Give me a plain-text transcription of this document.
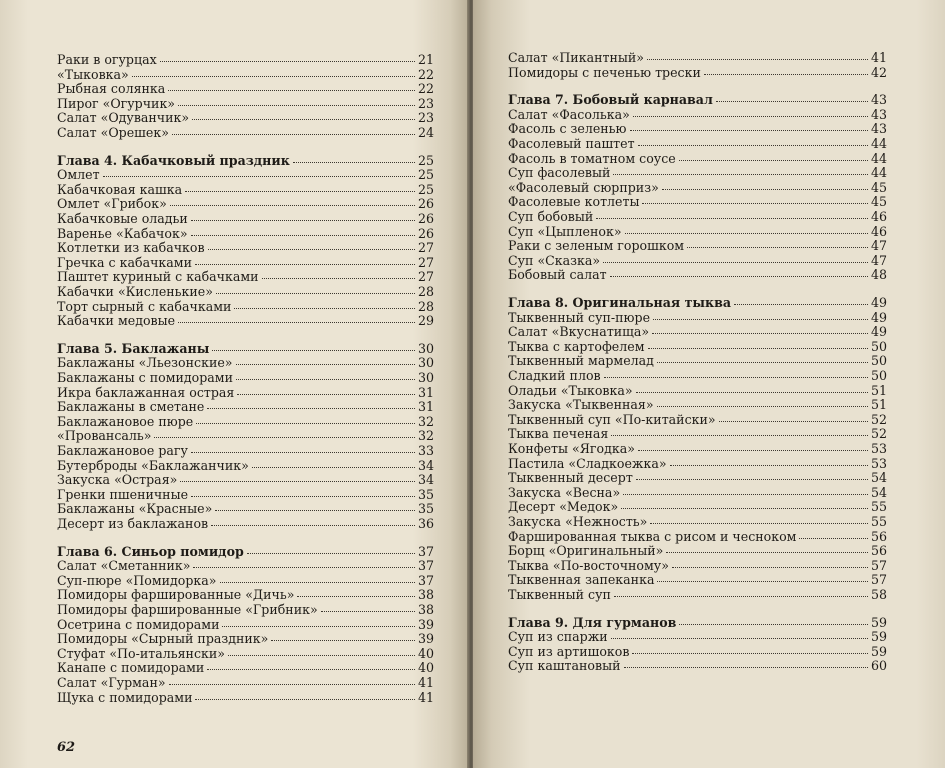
Раки в огурцах	21
«Тыковка»	22
Рыбная солянка	22
Пирог «Огурчик»	23
Салат «Одуванчик»	23
Салат «Орешек»	24
Глава 4. Кабачковый праздник	25
Омлет	25
Кабачковая кашка	25
Омлет «Грибок»	26
Кабачковые оладьи	26
Варенье «Кабачок»	26
Котлетки из кабачков	27
Гречка с кабачками	27
Паштет куриный с кабачками	27
Кабачки «Кисленькие»	28
Торт сырный с кабачками	28
Кабачки медовые	29
Глава 5. Баклажаны	30
Баклажаны «Льезонские»	30
Баклажаны с помидорами	30
Икра баклажанная острая	31
Баклажаны в сметане	31
Баклажановое пюре	32
«Провансаль»	32
Баклажановое рагу	33
Бутерброды «Баклажанчик»	34
Закуска «Острая»	34
Гренки пшеничные	35
Баклажаны «Красные»	35
Десерт из баклажанов	36
Глава 6. Синьор помидор	37
Салат «Сметанник»	37
Суп-пюре «Помидорка»	37
Помидоры фаршированные «Дичь»	38
Помидоры фаршированные «Грибник»	38
Осетрина с помидорами	39
Помидоры «Сырный праздник»	39
Стуфат «По-итальянски»	40
Канапе с помидорами	40
Салат «Гурман»	41
Щука с помидорами	41
62
Салат «Пикантный»	41
Помидоры с печенью трески	42
Глава 7. Бобовый карнавал	43
Салат «Фасолька»	43
Фасоль с зеленью	43
Фасолевый паштет	44
Фасоль в томатном соусе	44
Суп фасолевый	44
«Фасолевый сюрприз»	45
Фасолевые котлеты	45
Суп бобовый	46
Суп «Цыпленок»	46
Раки с зеленым горошком	47
Суп «Сказка»	47
Бобовый салат	48
Глава 8. Оригинальная тыква	49
Тыквенный суп-пюре	49
Салат «Вкуснатища»	49
Тыква с картофелем	50
Тыквенный мармелад	50
Сладкий плов	50
Оладьи «Тыковка»	51
Закуска «Тыквенная»	51
Тыквенный суп «По-китайски»	52
Тыква печеная	52
Конфеты «Ягодка»	53
Пастила «Сладкоежка»	53
Тыквенный десерт	54
Закуска «Весна»	54
Десерт «Медок»	55
Закуска «Нежность»	55
Фаршированная тыква с рисом и чесноком	56
Борщ «Оригинальный»	56
Тыква «По-восточному»	57
Тыквенная запеканка	57
Тыквенный суп	58
Глава 9. Для гурманов	59
Суп из спаржи	59
Суп из артишоков	59
Суп каштановый	60
